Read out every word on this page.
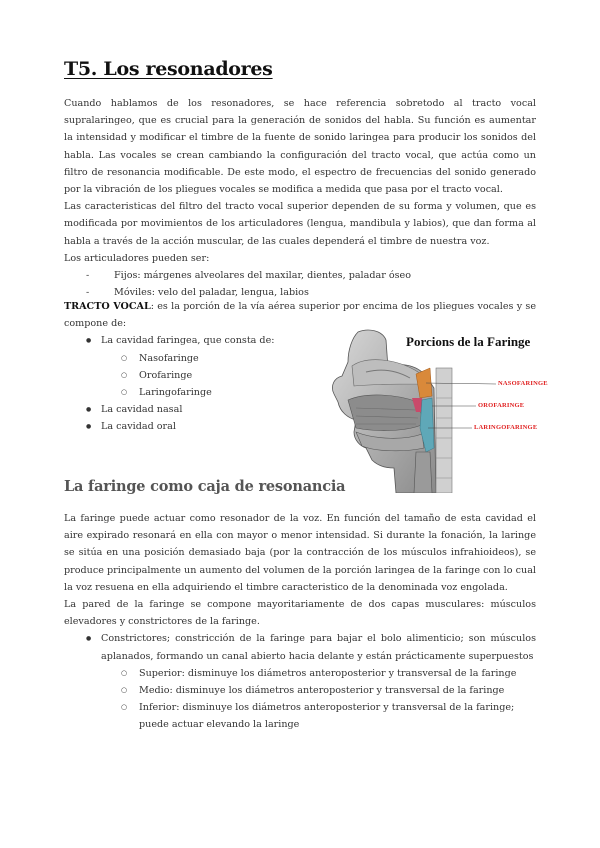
T5. Los resonadores

Cuando hablamos de los resonadores, se hace referencia sobretodo al tracto vocal supralaringeo, que es crucial para la generación de sonidos del habla. Su función es aumentar la intensidad y modificar el timbre de la fuente de sonido laringea para producir los sonidos del habla. Las vocales se crean cambiando la configuración del tracto vocal, que actúa como un filtro de resonancia modificable. De este modo, el espectro de frecuencias del sonido generado por la vibración de los pliegues vocales se modifica a medida que pasa por el tracto vocal.

Las caracteristicas del filtro del tracto vocal superior dependen de su forma y volumen, que es modificada por movimientos de los articuladores (lengua, mandibula y labios), que dan forma al habla a través de la acción muscular, de las cuales dependerá el timbre de nuestra voz.

Los articuladores pueden ser:

- Fijos: márgenes alveolares del maxilar, dientes, paladar óseo
- Móviles: velo del paladar, lengua, labios

TRACTO VOCAL: es la porción de la vía aérea superior por encima de los pliegues vocales y se compone de:

● La cavidad faringea, que consta de:
○ Nasofaringe
○ Orofaringe
○ Laringofaringe
● La cavidad nasal
● La cavidad oral
Porcions de la Faringe
NASOFARINGE
OROFARINGE
LARINGOFARINGE
La faringe como caja de resonancia

La faringe puede actuar como resonador de la voz. En función del tamaño de esta cavidad el aire expirado resonará en ella con mayor o menor intensidad. Si durante la fonación, la laringe se sitúa en una posición demasiado baja (por la contracción de los músculos infrahioideos), se produce principalmente un aumento del volumen de la porción laringea de la faringe con lo cual la voz resuena en ella adquiriendo el timbre caracteristico de la denominada voz engolada.

La pared de la faringe se compone mayoritariamente de dos capas musculares: músculos elevadores y constrictores de la faringe.

● Constrictores; constricción de la faringe para bajar el bolo alimenticio; son músculos aplanados, formando un canal abierto hacia delante y están prácticamente superpuestos
○ Superior: disminuye los diámetros anteroposterior y transversal de la faringe
○ Medio: disminuye los diámetros anteroposterior y transversal de la faringe
○ Inferior: disminuye los diámetros anteroposterior y transversal de la faringe; puede actuar elevando la laringe
